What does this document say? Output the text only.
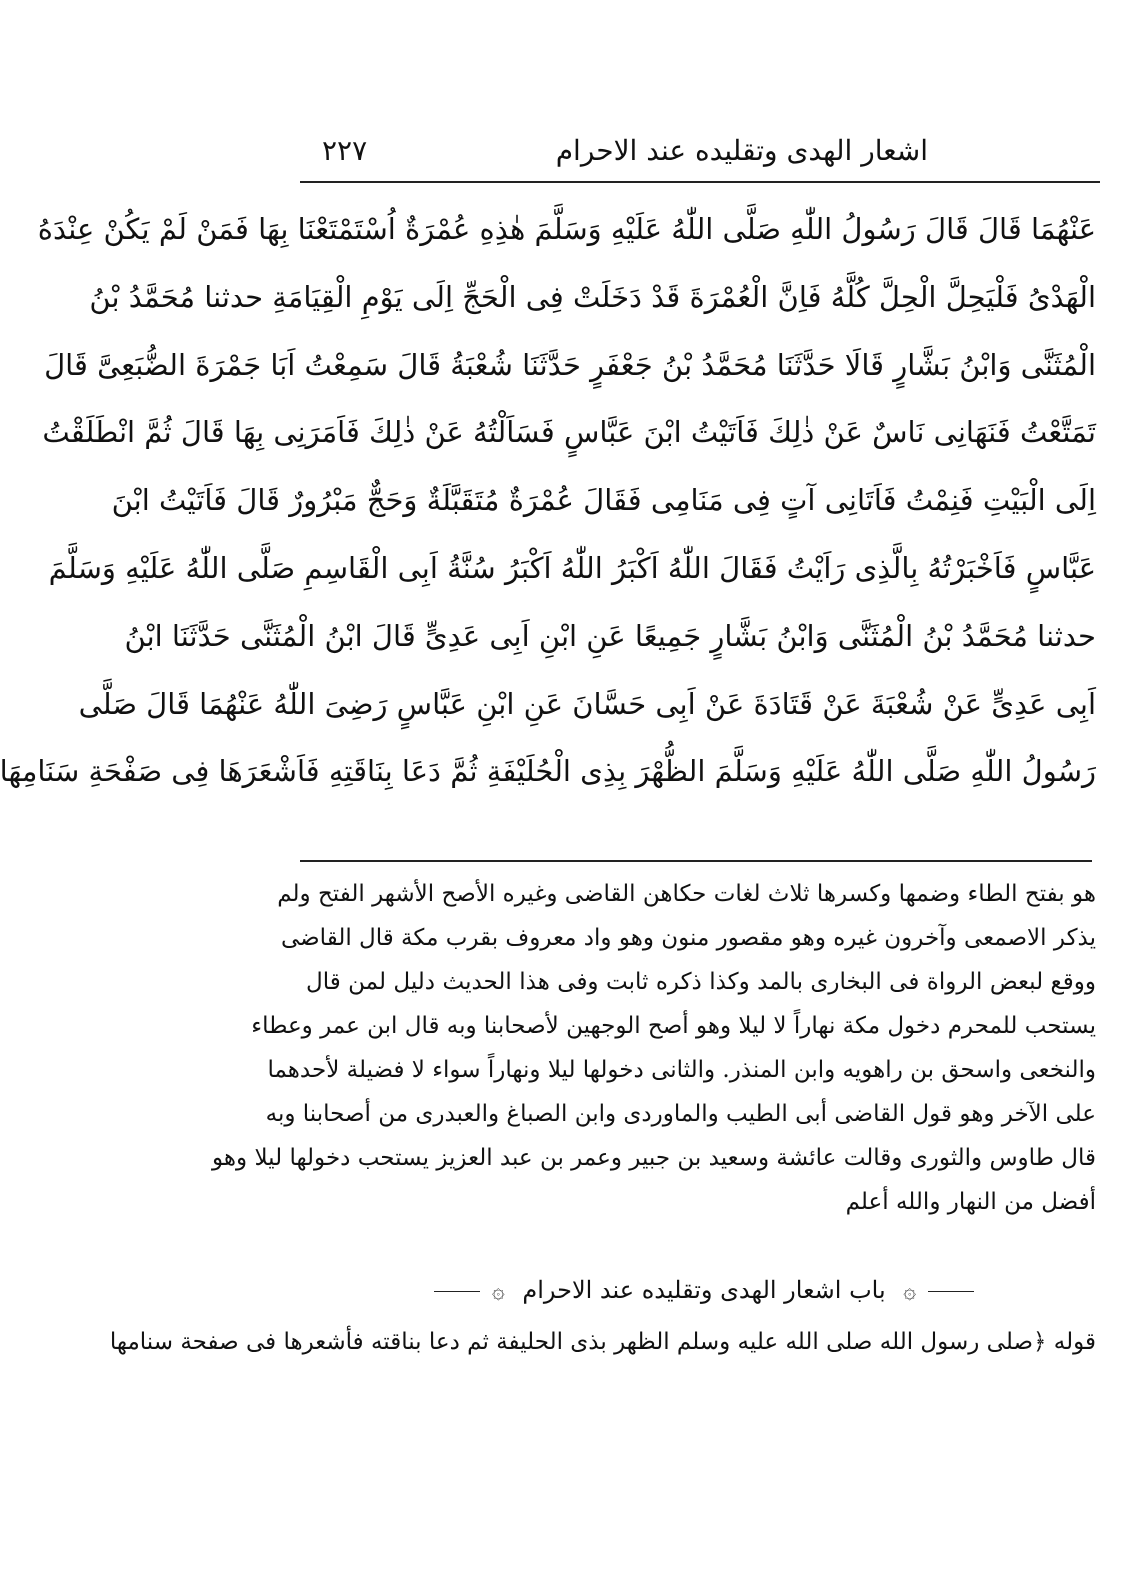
اشعار الهدى وتقليده عند الاحرام
٢٢٧
عَنْهُمَا قَالَ قَالَ رَسُولُ اللّٰهِ صَلَّى اللّٰهُ عَلَيْهِ وَسَلَّمَ هٰذِهِ عُمْرَةٌ اُسْتَمْتَعْنَا بِهَا فَمَنْ لَمْ يَكُنْ عِنْدَهُ
الْهَدْىُ فَلْيَحِلَّ الْحِلَّ كُلَّهُ فَاِنَّ الْعُمْرَةَ قَدْ دَخَلَتْ فِى الْحَجِّ اِلَى يَوْمِ الْقِيَامَةِ حدثنا مُحَمَّدُ بْنُ
الْمُثَنَّى وَابْنُ بَشَّارٍ قَالَا حَدَّثَنَا مُحَمَّدُ بْنُ جَعْفَرٍ حَدَّثَنَا شُعْبَةُ قَالَ سَمِعْتُ اَبَا جَمْرَةَ الضُّبَعِىَّ قَالَ
تَمَتَّعْتُ فَنَهَانِى نَاسٌ عَنْ ذٰلِكَ فَاَتَيْتُ ابْنَ عَبَّاسٍ فَسَاَلْتُهُ عَنْ ذٰلِكَ فَاَمَرَنِى بِهَا قَالَ ثُمَّ انْطَلَقْتُ
اِلَى الْبَيْتِ فَنِمْتُ فَاَتَانِى آتٍ فِى مَنَامِى فَقَالَ عُمْرَةٌ مُتَقَبَّلَةٌ وَحَجٌّ مَبْرُورٌ قَالَ فَاَتَيْتُ ابْنَ
عَبَّاسٍ فَاَخْبَرْتُهُ بِالَّذِى رَاَيْتُ فَقَالَ اللّٰهُ اَكْبَرُ اللّٰهُ اَكْبَرُ سُنَّةُ اَبِى الْقَاسِمِ صَلَّى اللّٰهُ عَلَيْهِ وَسَلَّمَ
حدثنا مُحَمَّدُ بْنُ الْمُثَنَّى وَابْنُ بَشَّارٍ جَمِيعًا عَنِ ابْنِ اَبِى عَدِىٍّ قَالَ ابْنُ الْمُثَنَّى حَدَّثَنَا ابْنُ
اَبِى عَدِىٍّ عَنْ شُعْبَةَ عَنْ قَتَادَةَ عَنْ اَبِى حَسَّانَ عَنِ ابْنِ عَبَّاسٍ رَضِىَ اللّٰهُ عَنْهُمَا قَالَ صَلَّى
رَسُولُ اللّٰهِ صَلَّى اللّٰهُ عَلَيْهِ وَسَلَّمَ الظُّهْرَ بِذِى الْحُلَيْفَةِ ثُمَّ دَعَا بِنَاقَتِهِ فَاَشْعَرَهَا فِى صَفْحَةِ سَنَامِهَا
هو بفتح الطاء وضمها وكسرها ثلاث لغات حكاهن القاضى وغيره الأصح الأشهر الفتح ولم
يذكر الاصمعى وآخرون غيره وهو مقصور منون وهو واد معروف بقرب مكة قال القاضى
ووقع لبعض الرواة فى البخارى بالمد وكذا ذكره ثابت وفى هذا الحديث دليل لمن قال
يستحب للمحرم دخول مكة نهاراً لا ليلا وهو أصح الوجهين لأصحابنا وبه قال ابن عمر وعطاء
والنخعى واسحق بن راهويه وابن المنذر. والثانى دخولها ليلا ونهاراً سواء لا فضيلة لأحدهما
على الآخر وهو قول القاضى أبى الطيب والماوردى وابن الصباغ والعبدرى من أصحابنا وبه
قال طاوس والثورى وقالت عائشة وسعيد بن جبير وعمر بن عبد العزيز يستحب دخولها ليلا وهو
أفضل من النهار والله أعلم
۞ باب اشعار الهدى وتقليده عند الاحرام ۞
قوله ﴿صلى رسول الله صلى الله عليه وسلم الظهر بذى الحليفة ثم دعا بناقته فأشعرها فى صفحة سنامها
